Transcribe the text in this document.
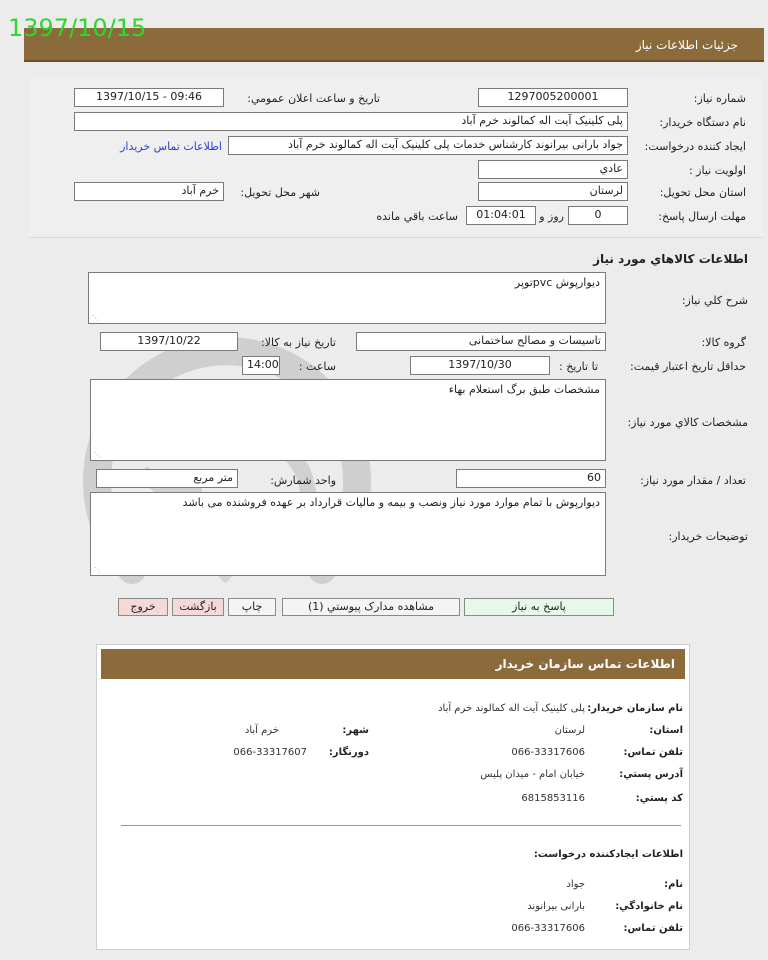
1397/10/15
جزئيات اطلاعات نياز
شماره نياز:
1297005200001
تاريخ و ساعت اعلان عمومي:
1397/10/15 - 09:46
نام دستگاه خريدار:
پلی کلینیک آیت اله کمالوند خرم آباد
ايجاد کننده درخواست:
جواد بارانی بیرانوند کارشناس خدمات پلی کلینیک آیت اله کمالوند خرم آباد
اطلاعات تماس خريدار
اولويت نياز :
عادي
استان محل تحويل:
لرستان
شهر محل تحويل:
خرم آباد
مهلت ارسال پاسخ:
0
روز و
01:04:01
ساعت باقي مانده
اطلاعات کالاهاي مورد نياز
شرح کلي نياز:
دیوارپوش pvcتوپر
⋰
گروه کالا:
تاسیسات و مصالح ساختمانی
تاريخ نياز به کالا:
1397/10/22
حداقل تاريخ اعتبار قيمت:
تا تاريخ :
1397/10/30
ساعت :
14:00
مشخصات کالاي مورد نياز:
مشخصات طبق برگ استعلام بهاء
⋰
تعداد / مقدار مورد نياز:
60
واحد شمارش:
متر مربع
توضيحات خريدار:
دیوارپوش با تمام موارد مورد نیاز ونصب و بیمه و مالیات قرارداد بر عهده فروشنده می باشد
⋰
پاسخ به نياز
مشاهده مدارک پيوستي (1)
چاپ
بازگشت
خروج
اطلاعات تماس سازمان خريدار
نام سازمان خريدار:
پلی کلینیک آیت اله کمالوند خرم آباد
استان:
لرستان
شهر:
خرم آباد
تلفن تماس:
066-33317606
دورنگار:
066-33317607
آدرس پستي:
خیابان امام - میدان پلیس
کد پستي:
6815853116
اطلاعات ايجادکننده درخواست:
نام:
جواد
نام خانوادگي:
بارانی بیرانوند
تلفن تماس:
066-33317606
